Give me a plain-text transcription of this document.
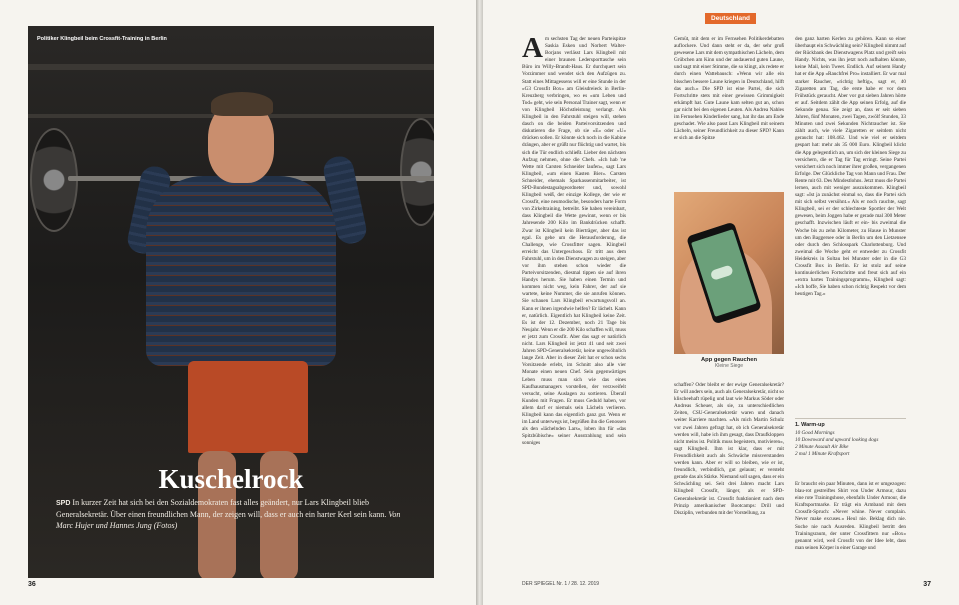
Politiker Klingbeil beim Crossfit-Training in Berlin
Kuschelrock
SPD In kurzer Zeit hat sich bei den Sozialdemokraten fast alles geändert, nur Lars Klingbeil blieb Generalsekretär. Über einen freundlichen Mann, der zeigen will, dass er auch ein harter Kerl sein kann. Von Marc Hujer und Hannes Jung (Fotos)
36
Deutschland
A m sechsten Tag der neuen Parteispitze Saskia Esken und Norbert Walter-Borjans verlässt Lars Klingbeil mit einer braunen Ledersporttasche sein Büro im Willy-Brandt-Haus. Er durchquert sein Vorzimmer und wendet sich den Aufzügen zu. Statt eines Mittagessens will er eine Stunde in der »G3 Crossfit Box« am Gleisdreieck in Berlin-Kreuzberg verbringen, wo es »um Leben und Tod« geht, wie sein Personal Trainer sagt, wenn er von Klingbeil Höchstleistung verlangt. Als Klingbeil in den Fahrstuhl steigen will, stehen dasch on die beiden Parteivorsitzenden und diskutieren die Frage, ob sie »E« oder »U« drücken sollen. Er könnte sich noch in die Kabine drängen, aber er grüßt nur flüchtig und wartet, bis sich die Tür endlich schließt. Lieber den nächsten Aufzug nehmen, ohne die Chefs. »Ich hab 'ne Wette mit Carsten Schneider laufen«, sagt Lars Klingbeil, »um einen Kasten Bier«. Carsten Schneider, ehemals Sparkassenmitarbeiter, ist SPD-Bundestagsabgeordneter und, sowohl Klingbeil weiß, der einzige Kollege, der wie er Crossfit, eine neumodische, besonders harte Form von Zirkeltraining, betreibt. Sie haben vereinbart, dass Klingbeil die Wette gewinnt, wenn er bis Jahresende 200 Kilo im Bankdrücken schafft. Zwar ist Klingbeil kein Bierträger, aber das ist egal. Es gehe um die Herausforderung, die Challenge, wie Crossfitter sagen. Klingbeil erreicht das Untergeschoss. Er tritt aus dem Fahrstuhl, um in den Dienstwagen zu steigen, aber vor ihm stehen schon wieder die Parteivorsitzenden, diesmal tippen sie auf ihren Handys herum. Sie haben einen Termin und kommen nicht weg, kein Fahrer, der auf sie wartete, keine Nummer, die sie anrufen können. Sie schauen Lars Klingbeil erwartungsvoll an. Kann er ihnen irgendwie helfen? Er lächelt. Kann er, natürlich. Eigentlich hat Klingbeil keine Zeit. Es ist der 12. Dezember, noch 21 Tage bis Neujahr. Wenn er die 200 Kilo schaffen will, muss er jetzt zum Crossfit. Aber das sagt er natürlich nicht. Lars Klingbeil ist jetzt 41 und seit zwei Jahren SPD-Generalsekretär, keine ungewöhnlich lange Zeit. Aber in dieser Zeit hat er schon sechs Vorsitzende erlebt, im Schnitt also alle vier Monate einen neuen Chef. Sein gegenwärtiges Leben muss man sich wie das eines Kaufhausmanagers vorstellen, der verzweifelt versucht, seine Auslagen zu sortieren. Überall Kunden mit Fragen. Er muss Geduld haben, vor allem darf er niemals sein Lächeln verlieren. Klingbeil kann das eigentlich ganz gut. Wenn er im Land unterwegs ist, begrüßen ihn die Genossen als den »lächelnden Lars«, loben ihn für »das Spitzbübische« seiner Ausstrahlung und sein sonniges
Gemüt, mit dem er im Fernsehen Politikerdebatten auflockere. Und dann steht er da, der sehr groß gewesene Lars mit dem sympathischen Lächeln, dem Grübchen am Kinn und der andauernd guten Laune, und sagt mit einer Stimme, die so klingt, als redete er durch einen Wattebausch: »Wenn wir alle ein bisschen bessere Laune kriegen in Deutschland, hilft das auch.« Die SPD ist eine Partei, die sich Fortschritte stets mit einer gewissen Grimmigkeit erkämpft hat. Gute Laune kam selten gut an, schon gar nicht bei den eigenen Leuten. Als Andrea Nahles im Fernsehen Kinderlieder sang, hat ihr das am Ende geschadet. Wie also passt Lars Klingbeil mit seinem Lächeln, seiner Freundlichkeit zu dieser SPD? Kann er sich an die Spitze
App gegen Rauchen
Kleine Siege
schaffen? Oder bleibt er der ewige Generalsekretär? Er will anders sein, auch als Generalsekretär, nicht so klischeehaft rüpelig und laut wie Markus Söder oder Andreas Scheuer, als sie, zu unterschiedlichen Zeiten, CSU-Generalsekretär waren und danach weiter Karriere machten. »Als mich Martin Schulz vor zwei Jahren gefragt hat, ob ich Generalsekretär werden will, habe ich ihm gesagt, dass Draufkloppen nicht meins ist. Politik muss begeistern, motivieren«, sagt Klingbeil. Ihm ist klar, dass er mit Freundlichkeit auch als Schwäche missverstanden werden kann. Aber er will so bleiben, wie er ist, freundlich, verbindlich, gut gelaunt; er versteht gerade das als Stärke. Niemand soll sagen, dass er ein Schwächling sei. Seit drei Jahren macht Lars Klingbeil Crossfit, länger, als er SPD-Generalsekretär ist. Crossfit funktioniert nach dem Prinzip amerikanischer Bootcamps: Drill und Disziplin, verbunden mit der Vorstellung, zu
den ganz harten Kerlen zu gehören. Kann so einer überhaupt ein Schwächling sein? Klingbeil nimmt auf der Rückbank des Dienstwagens Platz und greift sein Handy. Nichts, was ihn jetzt noch aufhalten könnte, keine Mail, kein Tweet. Endlich. Auf seinem Handy hat er die App »Rauchfrei Pro« installiert. Er war mal starker Raucher, »richtig heftig«, sagt er, 40 Zigaretten am Tag, die erste habe er vor dem Frühstück geraucht. Aber vor gut sieben Jahren hörte er auf. Seitdem zählt die App seinen Erfolg, auf die Sekunde genau. Sie zeigt an, dass er seit sieben Jahren, fünf Monaten, zwei Tagen, zwölf Stunden, 33 Minuten und zwei Sekunden Nichtraucher ist. Sie zählt auch, wie viele Zigaretten er seitdem nicht geraucht hat: 108.462. Und wie viel er seitdem gespart hat: mehr als 35 000 Euro. Klingbeil klickt die App gelegentlich an, um sich der kleinen Siege zu versichern, die er Tag für Tag erringt. Seine Partei versichert sich noch immer ihrer großen, vergangenen Erfolge. Der Glückliche Tag von Mann und Frau. Der Rente mit 63. Des Mindestlohns. Jetzt muss die Partei lernen, auch mit weniger auszukommen. Klingbeil sagt: »Ist ja zunächst einmal so, dass die Partei sich mit sich selbst versöhnt.« Als er noch rauchte, sagt Klingbeil, sei er der schlechteste Sportler der Welt gewesen, beim Joggen habe er gerade mal 300 Meter geschafft. Inzwischen läuft er ein- bis zweimal die Woche bis zu zehn Kilometer, zu Hause in Munster um den Baggersee oder in Berlin um den Lietzensee oder durch den Schlosspark Charlottenburg. Und zweimal die Woche geht er entweder zu Crossfit Heidekreis in Soltau bei Munster oder in die G3 Crossfit Box in Berlin. Er ist stolz auf seine kontinuierlichen Fortschritte und freut sich auf ein »extra hartes Trainingsprogramm«, Klingbeil sagt: »Ich hoffe, Sie haben schon richtig Respekt vor dem heutigen Tag.«
1. Warm-up
10 Good Mornings
10 Downward and upward looking dogs
2 Minute Assault Air Bike
2 mal 1 Minute Kraftsport
Er braucht ein paar Minuten, dann ist er umgezogen: blau-rot gestreiftes Shirt von Under Armour, dazu eine rote Trainingshose, ebenfalls Under Armour, die Kraftsportmarke. Er trägt ein Armband mit dem Crossfit-Spruch: »Never whine. Never complain. Never make excuses.« Heul nie. Beklag dich nie. Suche nie nach Ausreden. Klingbeil betritt den Trainingsraum, der unter Crossfittern nur »Box« genannt wird, weil Crossfit von der Idee lebt, dass man seinen Körper in einer Garage und
DER SPIEGEL Nr. 1 / 28. 12. 2019	37
